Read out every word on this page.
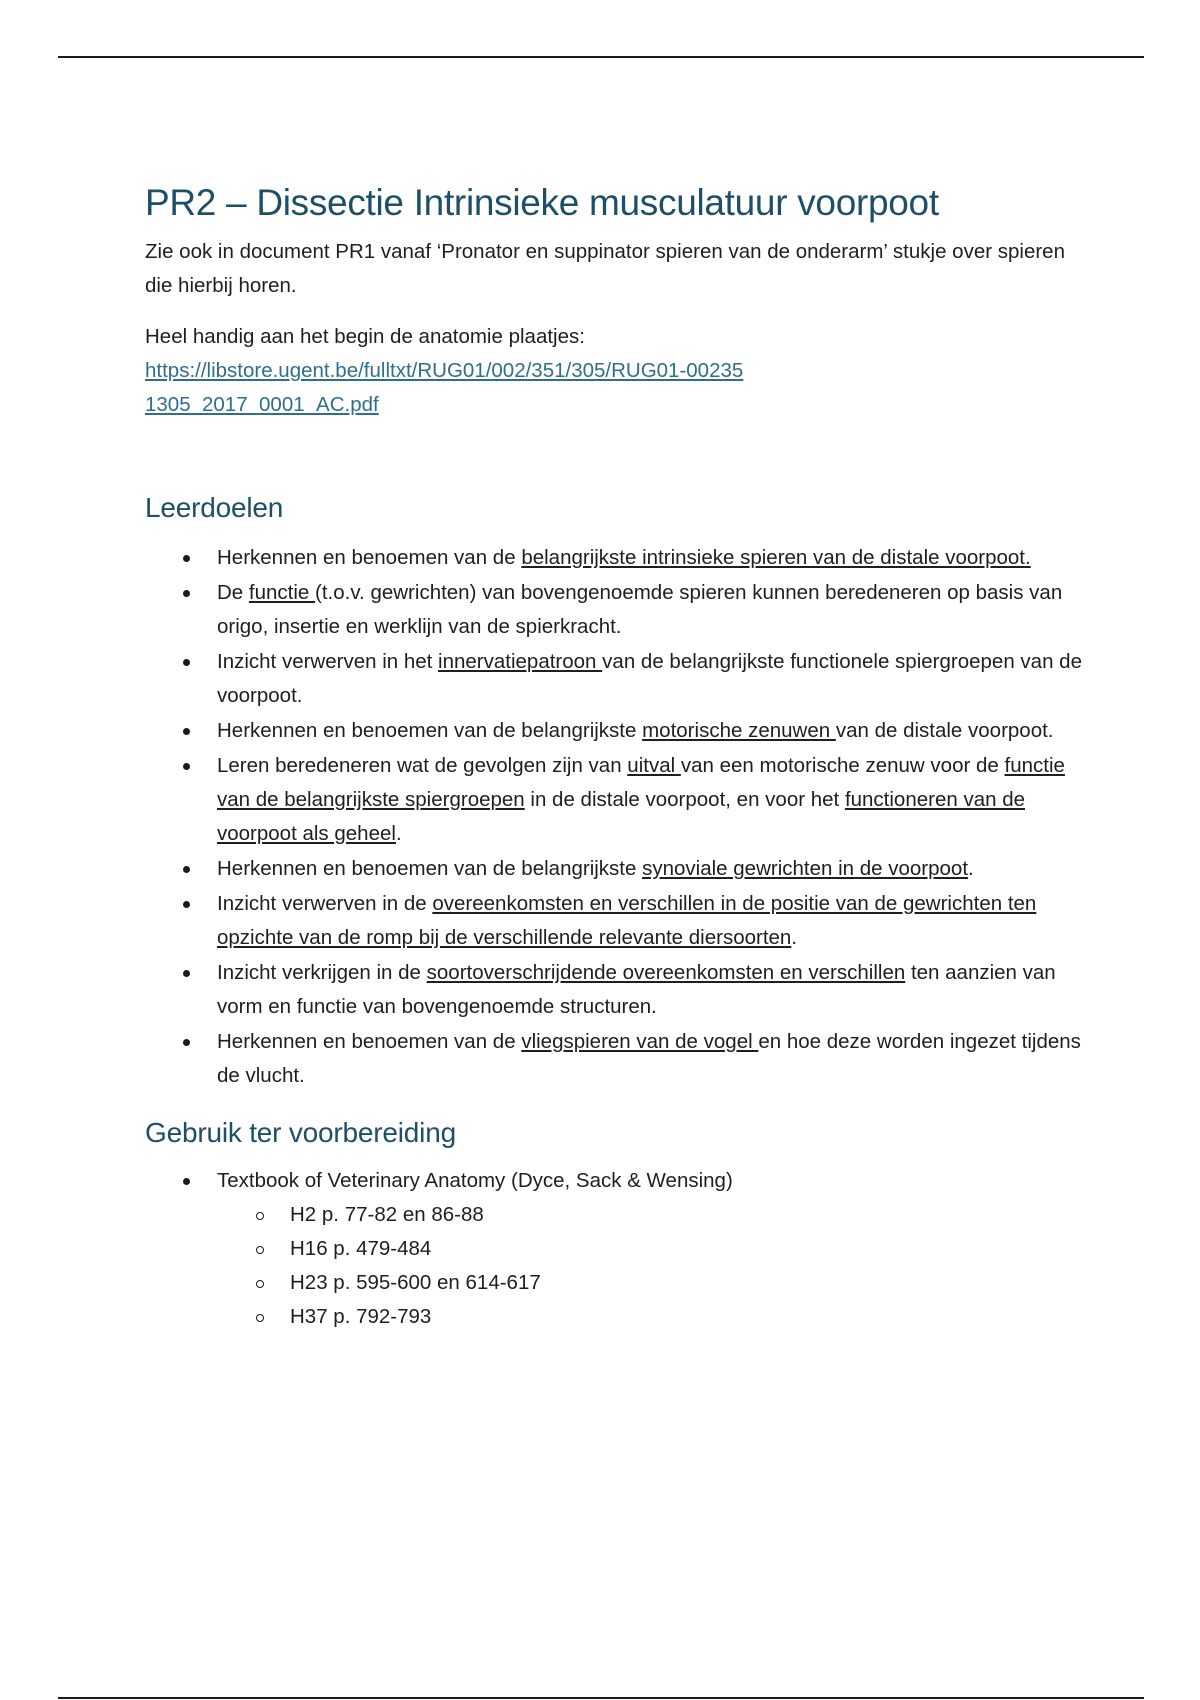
PR2 – Dissectie Intrinsieke musculatuur voorpoot

Zie ook in document PR1 vanaf ‘Pronator en suppinator spieren van de onderarm’ stukje over spieren die hierbij horen.

Heel handig aan het begin de anatomie plaatjes:
https://libstore.ugent.be/fulltxt/RUG01/002/351/305/RUG01-002351305_2017_0001_AC.pdf

Leerdoelen
Herkennen en benoemen van de belangrijkste intrinsieke spieren van de distale voorpoot.
De functie (t.o.v. gewrichten) van bovengenoemde spieren kunnen beredeneren op basis van origo, insertie en werklijn van de spierkracht.
Inzicht verwerven in het innervatiepatroon van de belangrijkste functionele spiergroepen van de voorpoot.
Herkennen en benoemen van de belangrijkste motorische zenuwen van de distale voorpoot.
Leren beredeneren wat de gevolgen zijn van uitval van een motorische zenuw voor de functie van de belangrijkste spiergroepen in de distale voorpoot, en voor het functioneren van de voorpoot als geheel.
Herkennen en benoemen van de belangrijkste synoviale gewrichten in de voorpoot.
Inzicht verwerven in de overeenkomsten en verschillen in de positie van de gewrichten ten opzichte van de romp bij de verschillende relevante diersoorten.
Inzicht verkrijgen in de soortoverschrijdende overeenkomsten en verschillen ten aanzien van vorm en functie van bovengenoemde structuren.
Herkennen en benoemen van de vliegspieren van de vogel en hoe deze worden ingezet tijdens de vlucht.
Gebruik ter voorbereiding
Textbook of Veterinary Anatomy (Dyce, Sack & Wensing)
H2 p. 77-82 en 86-88
H16 p. 479-484
H23 p. 595-600 en 614-617
H37 p. 792-793
